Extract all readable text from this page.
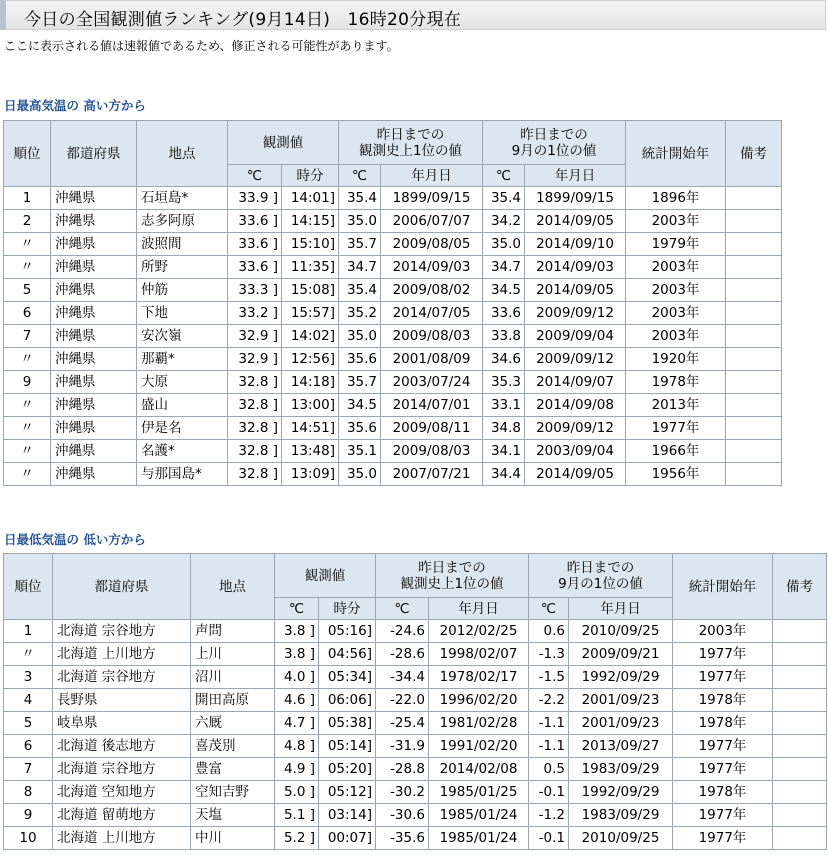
今日の全国観測値ランキング(9月14日)　16時20分現在
ここに表示される値は速報値であるため、修正される可能性があります。
日最高気温の 高い方から
順位	都道府県	地点	観測値		昨日までの
観測史上1位の値		昨日までの
9月の1位の値		統計開始年	備考
			℃	時分	℃	年月日	℃	年月日		
1	沖縄県	石垣島*	33.9 ]	14:01]	35.4	1899/09/15	35.4	1899/09/15	1896年	
2	沖縄県	志多阿原	33.6 ]	14:15]	35.0	2006/07/07	34.2	2014/09/05	2003年	
〃	沖縄県	波照間	33.6 ]	15:10]	35.7	2009/08/05	35.0	2014/09/10	1979年	
〃	沖縄県	所野	33.6 ]	11:35]	34.7	2014/09/03	34.7	2014/09/03	2003年	
5	沖縄県	仲筋	33.3 ]	15:08]	35.4	2009/08/02	34.5	2014/09/05	2003年	
6	沖縄県	下地	33.2 ]	15:57]	35.2	2014/07/05	33.6	2009/09/12	2003年	
7	沖縄県	安次嶺	32.9 ]	14:02]	35.0	2009/08/03	33.8	2009/09/04	2003年	
〃	沖縄県	那覇*	32.9 ]	12:56]	35.6	2001/08/09	34.6	2009/09/12	1920年	
9	沖縄県	大原	32.8 ]	14:18]	35.7	2003/07/24	35.3	2014/09/07	1978年	
〃	沖縄県	盛山	32.8 ]	13:00]	34.5	2014/07/01	33.1	2014/09/08	2013年	
〃	沖縄県	伊是名	32.8 ]	14:51]	35.6	2009/08/11	34.8	2009/09/12	1977年	
〃	沖縄県	名護*	32.8 ]	13:48]	35.1	2009/08/03	34.1	2003/09/04	1966年	
〃	沖縄県	与那国島*	32.8 ]	13:09]	35.0	2007/07/21	34.4	2014/09/05	1956年	
日最低気温の 低い方から
順位	都道府県	地点	観測値		昨日までの
観測史上1位の値		昨日までの
9月の1位の値		統計開始年	備考
			℃	時分	℃	年月日	℃	年月日		
1	北海道 宗谷地方	声問	3.8 ]	05:16]	-24.6	2012/02/25	0.6	2010/09/25	2003年	
〃	北海道 上川地方	上川	3.8 ]	04:56]	-28.6	1998/02/07	-1.3	2009/09/21	1977年	
3	北海道 宗谷地方	沼川	4.0 ]	05:34]	-34.4	1978/02/17	-1.5	1992/09/29	1977年	
4	長野県	開田高原	4.6 ]	06:06]	-22.0	1996/02/20	-2.2	2001/09/23	1978年	
5	岐阜県	六厩	4.7 ]	05:38]	-25.4	1981/02/28	-1.1	2001/09/23	1978年	
6	北海道 後志地方	喜茂別	4.8 ]	05:14]	-31.9	1991/02/20	-1.1	2013/09/27	1977年	
7	北海道 宗谷地方	豊富	4.9 ]	05:20]	-28.8	2014/02/08	0.5	1983/09/29	1977年	
8	北海道 空知地方	空知吉野	5.0 ]	05:12]	-30.2	1985/01/25	-0.1	1992/09/29	1978年	
9	北海道 留萌地方	天塩	5.1 ]	03:14]	-30.6	1985/01/24	-1.2	1983/09/29	1977年	
10	北海道 上川地方	中川	5.2 ]	00:07]	-35.6	1985/01/24	-0.1	2010/09/25	1977年	
